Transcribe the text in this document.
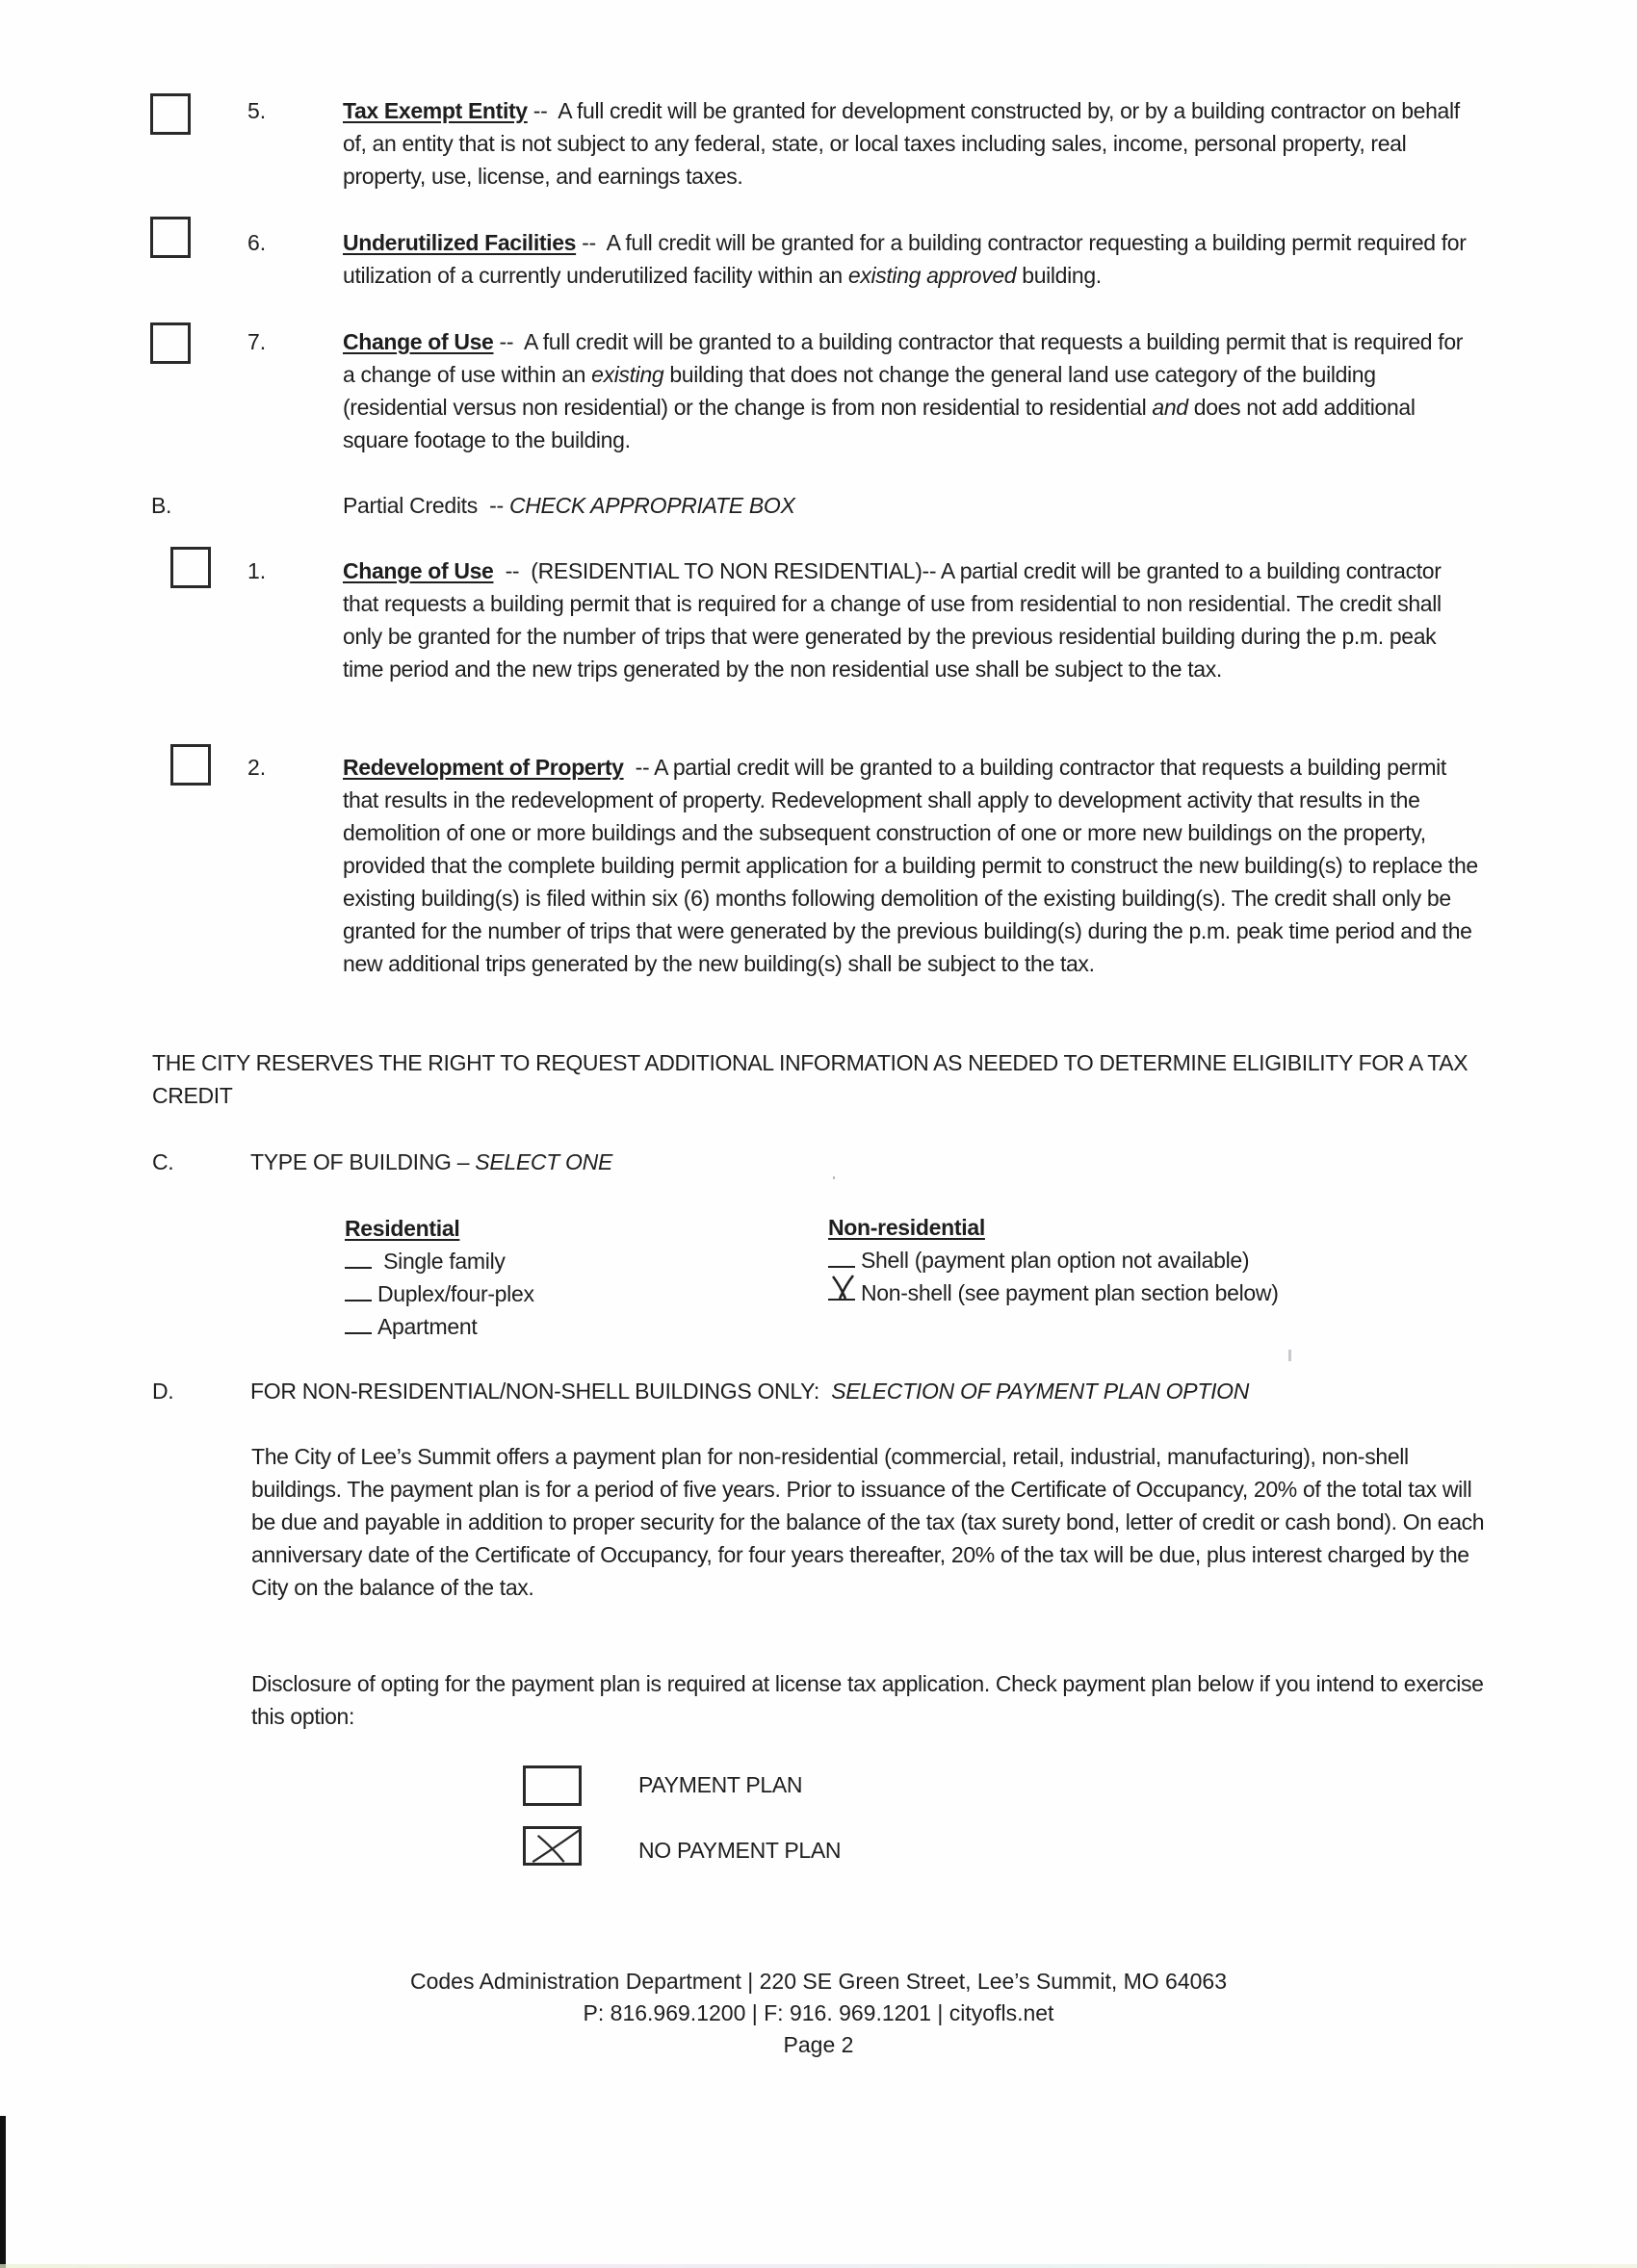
5.	Tax Exempt Entity --  A full credit will be granted for development constructed by, or by a building contractor on behalf of, an entity that is not subject to any federal, state, or local taxes including sales, income, personal property, real property, use, license, and earnings taxes.
6.	Underutilized Facilities --  A full credit will be granted for a building contractor requesting a building permit required for utilization of a currently underutilized facility within an existing approved building.
7.	Change of Use --  A full credit will be granted to a building contractor that requests a building permit that is required for a change of use within an existing building that does not change the general land use category of the building (residential versus non residential) or the change is from non residential to residential and does not add additional square footage to the building.
B.	Partial Credits  -- CHECK APPROPRIATE BOX
1.	Change of Use  --  (RESIDENTIAL TO NON RESIDENTIAL)-- A partial credit will be granted to a building contractor that requests a building permit that is required for a change of use from residential to non residential. The credit shall only be granted for the number of trips that were generated by the previous residential building during the p.m. peak time period and the new trips generated by the non residential use shall be subject to the tax.
2.	Redevelopment of Property  -- A partial credit will be granted to a building contractor that requests a building permit that results in the redevelopment of property. Redevelopment shall apply to development activity that results in the demolition of one or more buildings and the subsequent construction of one or more new buildings on the property, provided that the complete building permit application for a building permit to construct the new building(s) to replace the existing building(s) is filed within six (6) months following demolition of the existing building(s). The credit shall only be granted for the number of trips that were generated by the previous building(s) during the p.m. peak time period and the new additional trips generated by the new building(s) shall be subject to the tax.
THE CITY RESERVES THE RIGHT TO REQUEST ADDITIONAL INFORMATION AS NEEDED TO DETERMINE ELIGIBILITY FOR A TAX CREDIT
C.	TYPE OF BUILDING – SELECT ONE
Residential
Single family
Duplex/four-plex
Apartment
Non-residential
Shell (payment plan option not available)
Non-shell (see payment plan section below)
D.	FOR NON-RESIDENTIAL/NON-SHELL BUILDINGS ONLY:  SELECTION OF PAYMENT PLAN OPTION
The City of Lee’s Summit offers a payment plan for non-residential (commercial, retail, industrial, manufacturing), non-shell buildings. The payment plan is for a period of five years. Prior to issuance of the Certificate of Occupancy, 20% of the total tax will be due and payable in addition to proper security for the balance of the tax (tax surety bond, letter of credit or cash bond). On each anniversary date of the Certificate of Occupancy, for four years thereafter, 20% of the tax will be due, plus interest charged by the City on the balance of the tax.
Disclosure of opting for the payment plan is required at license tax application. Check payment plan below if you intend to exercise this option:
PAYMENT PLAN
NO PAYMENT PLAN
Codes Administration Department | 220 SE Green Street, Lee’s Summit, MO 64063
P: 816.969.1200 | F: 916. 969.1201 | cityofls.net
Page 2
